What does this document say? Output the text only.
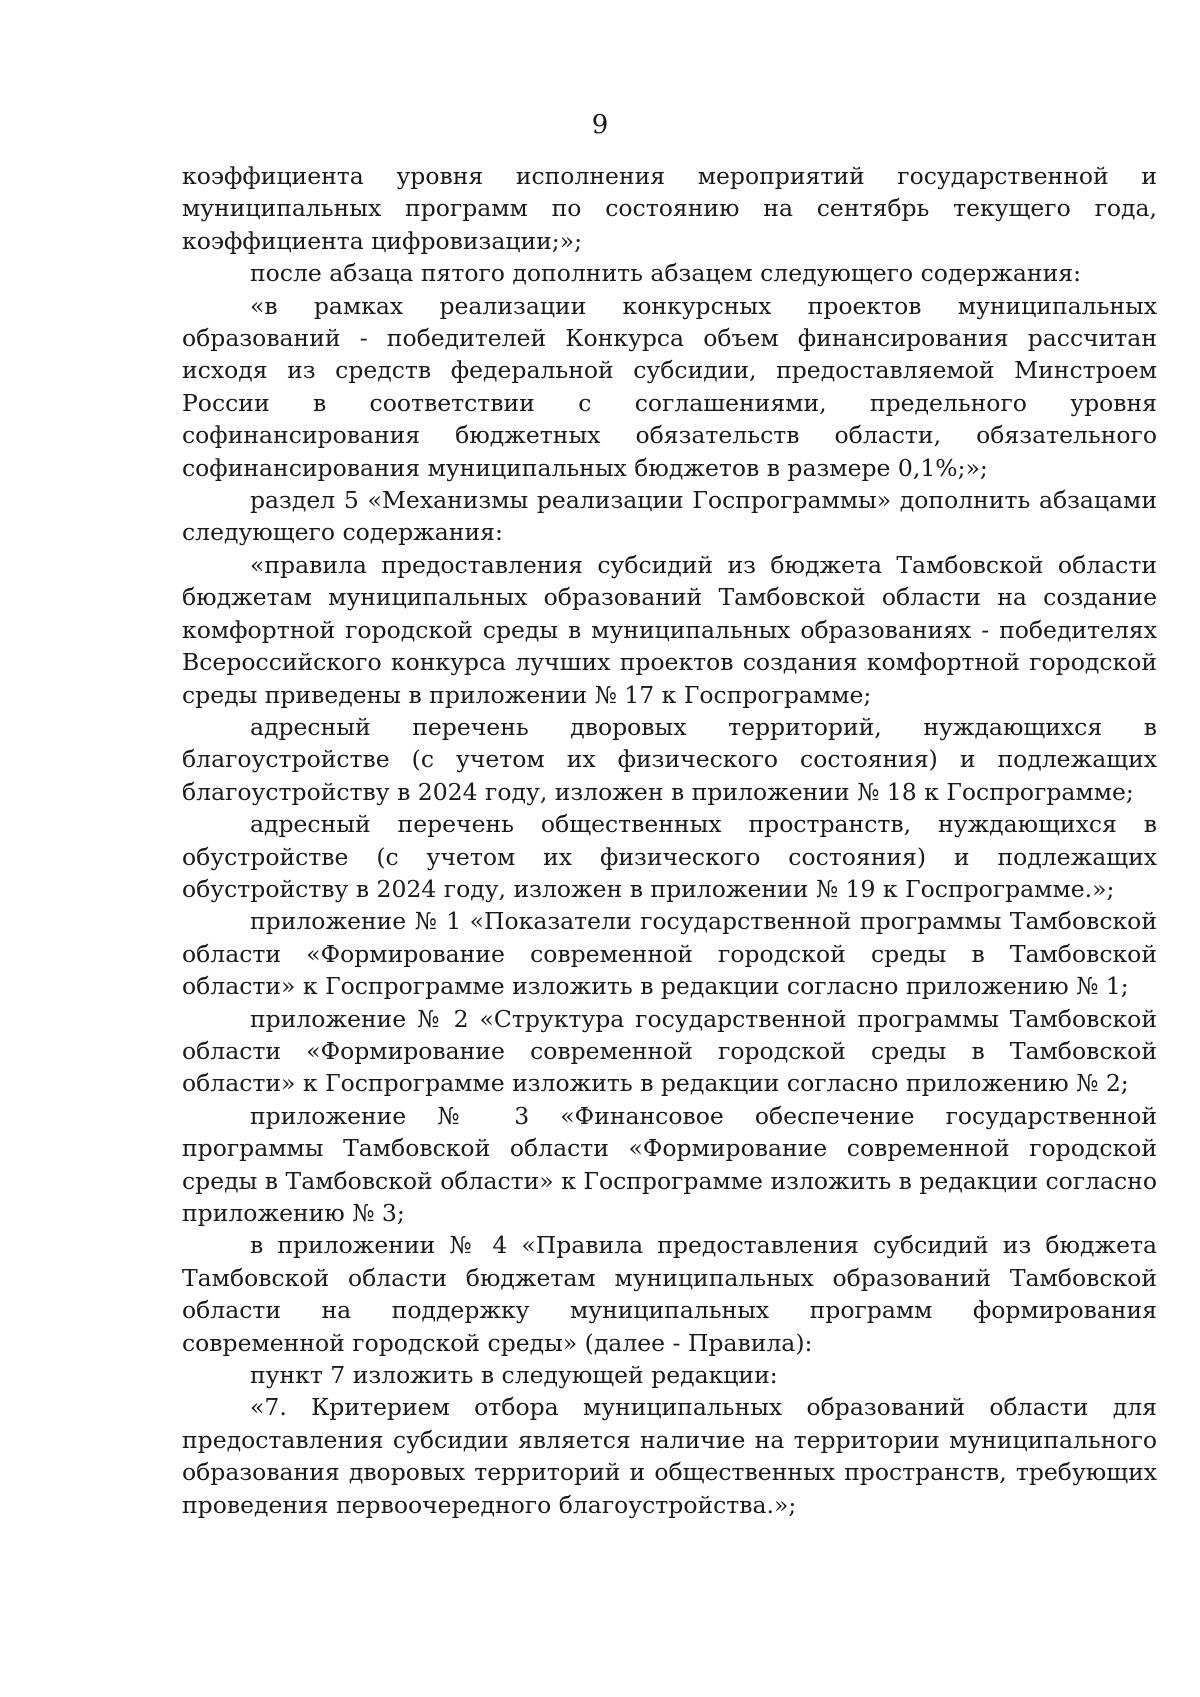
9

коэффициента уровня исполнения мероприятий государственной и муниципальных программ по состоянию на сентябрь текущего года, коэффициента цифровизации;»;

после абзаца пятого дополнить абзацем следующего содержания:

«в рамках реализации конкурсных проектов муниципальных образований - победителей Конкурса объем финансирования рассчитан исходя из средств федеральной субсидии, предоставляемой Минстроем России в соответствии с соглашениями, предельного уровня софинансирования бюджетных обязательств области, обязательного софинансирования муниципальных бюджетов в размере 0,1%;»;

раздел 5 «Механизмы реализации Госпрограммы» дополнить абзацами следующего содержания:

«правила предоставления субсидий из бюджета Тамбовской области бюджетам муниципальных образований Тамбовской области на создание комфортной городской среды в муниципальных образованиях - победителях Всероссийского конкурса лучших проектов создания комфортной городской среды приведены в приложении № 17 к Госпрограмме;

адресный перечень дворовых территорий, нуждающихся в благоустройстве (с учетом их физического состояния) и подлежащих благоустройству в 2024 году, изложен в приложении № 18 к Госпрограмме;

адресный перечень общественных пространств, нуждающихся в обустройстве (с учетом их физического состояния) и подлежащих обустройству в 2024 году, изложен в приложении № 19 к Госпрограмме.»;

приложение № 1 «Показатели государственной программы Тамбовской области «Формирование современной городской среды в Тамбовской области» к Госпрограмме изложить в редакции согласно приложению № 1;

приложение № 2 «Структура государственной программы Тамбовской области «Формирование современной городской среды в Тамбовской области» к Госпрограмме изложить в редакции согласно приложению № 2;

приложение № 3 «Финансовое обеспечение государственной программы Тамбовской области «Формирование современной городской среды в Тамбовской области» к Госпрограмме изложить в редакции согласно приложению № 3;

в приложении № 4 «Правила предоставления субсидий из бюджета Тамбовской области бюджетам муниципальных образований Тамбовской области на поддержку муниципальных программ формирования современной городской среды» (далее - Правила):

пункт 7 изложить в следующей редакции:

«7. Критерием отбора муниципальных образований области для предоставления субсидии является наличие на территории муниципального образования дворовых территорий и общественных пространств, требующих проведения первоочередного благоустройства.»;
